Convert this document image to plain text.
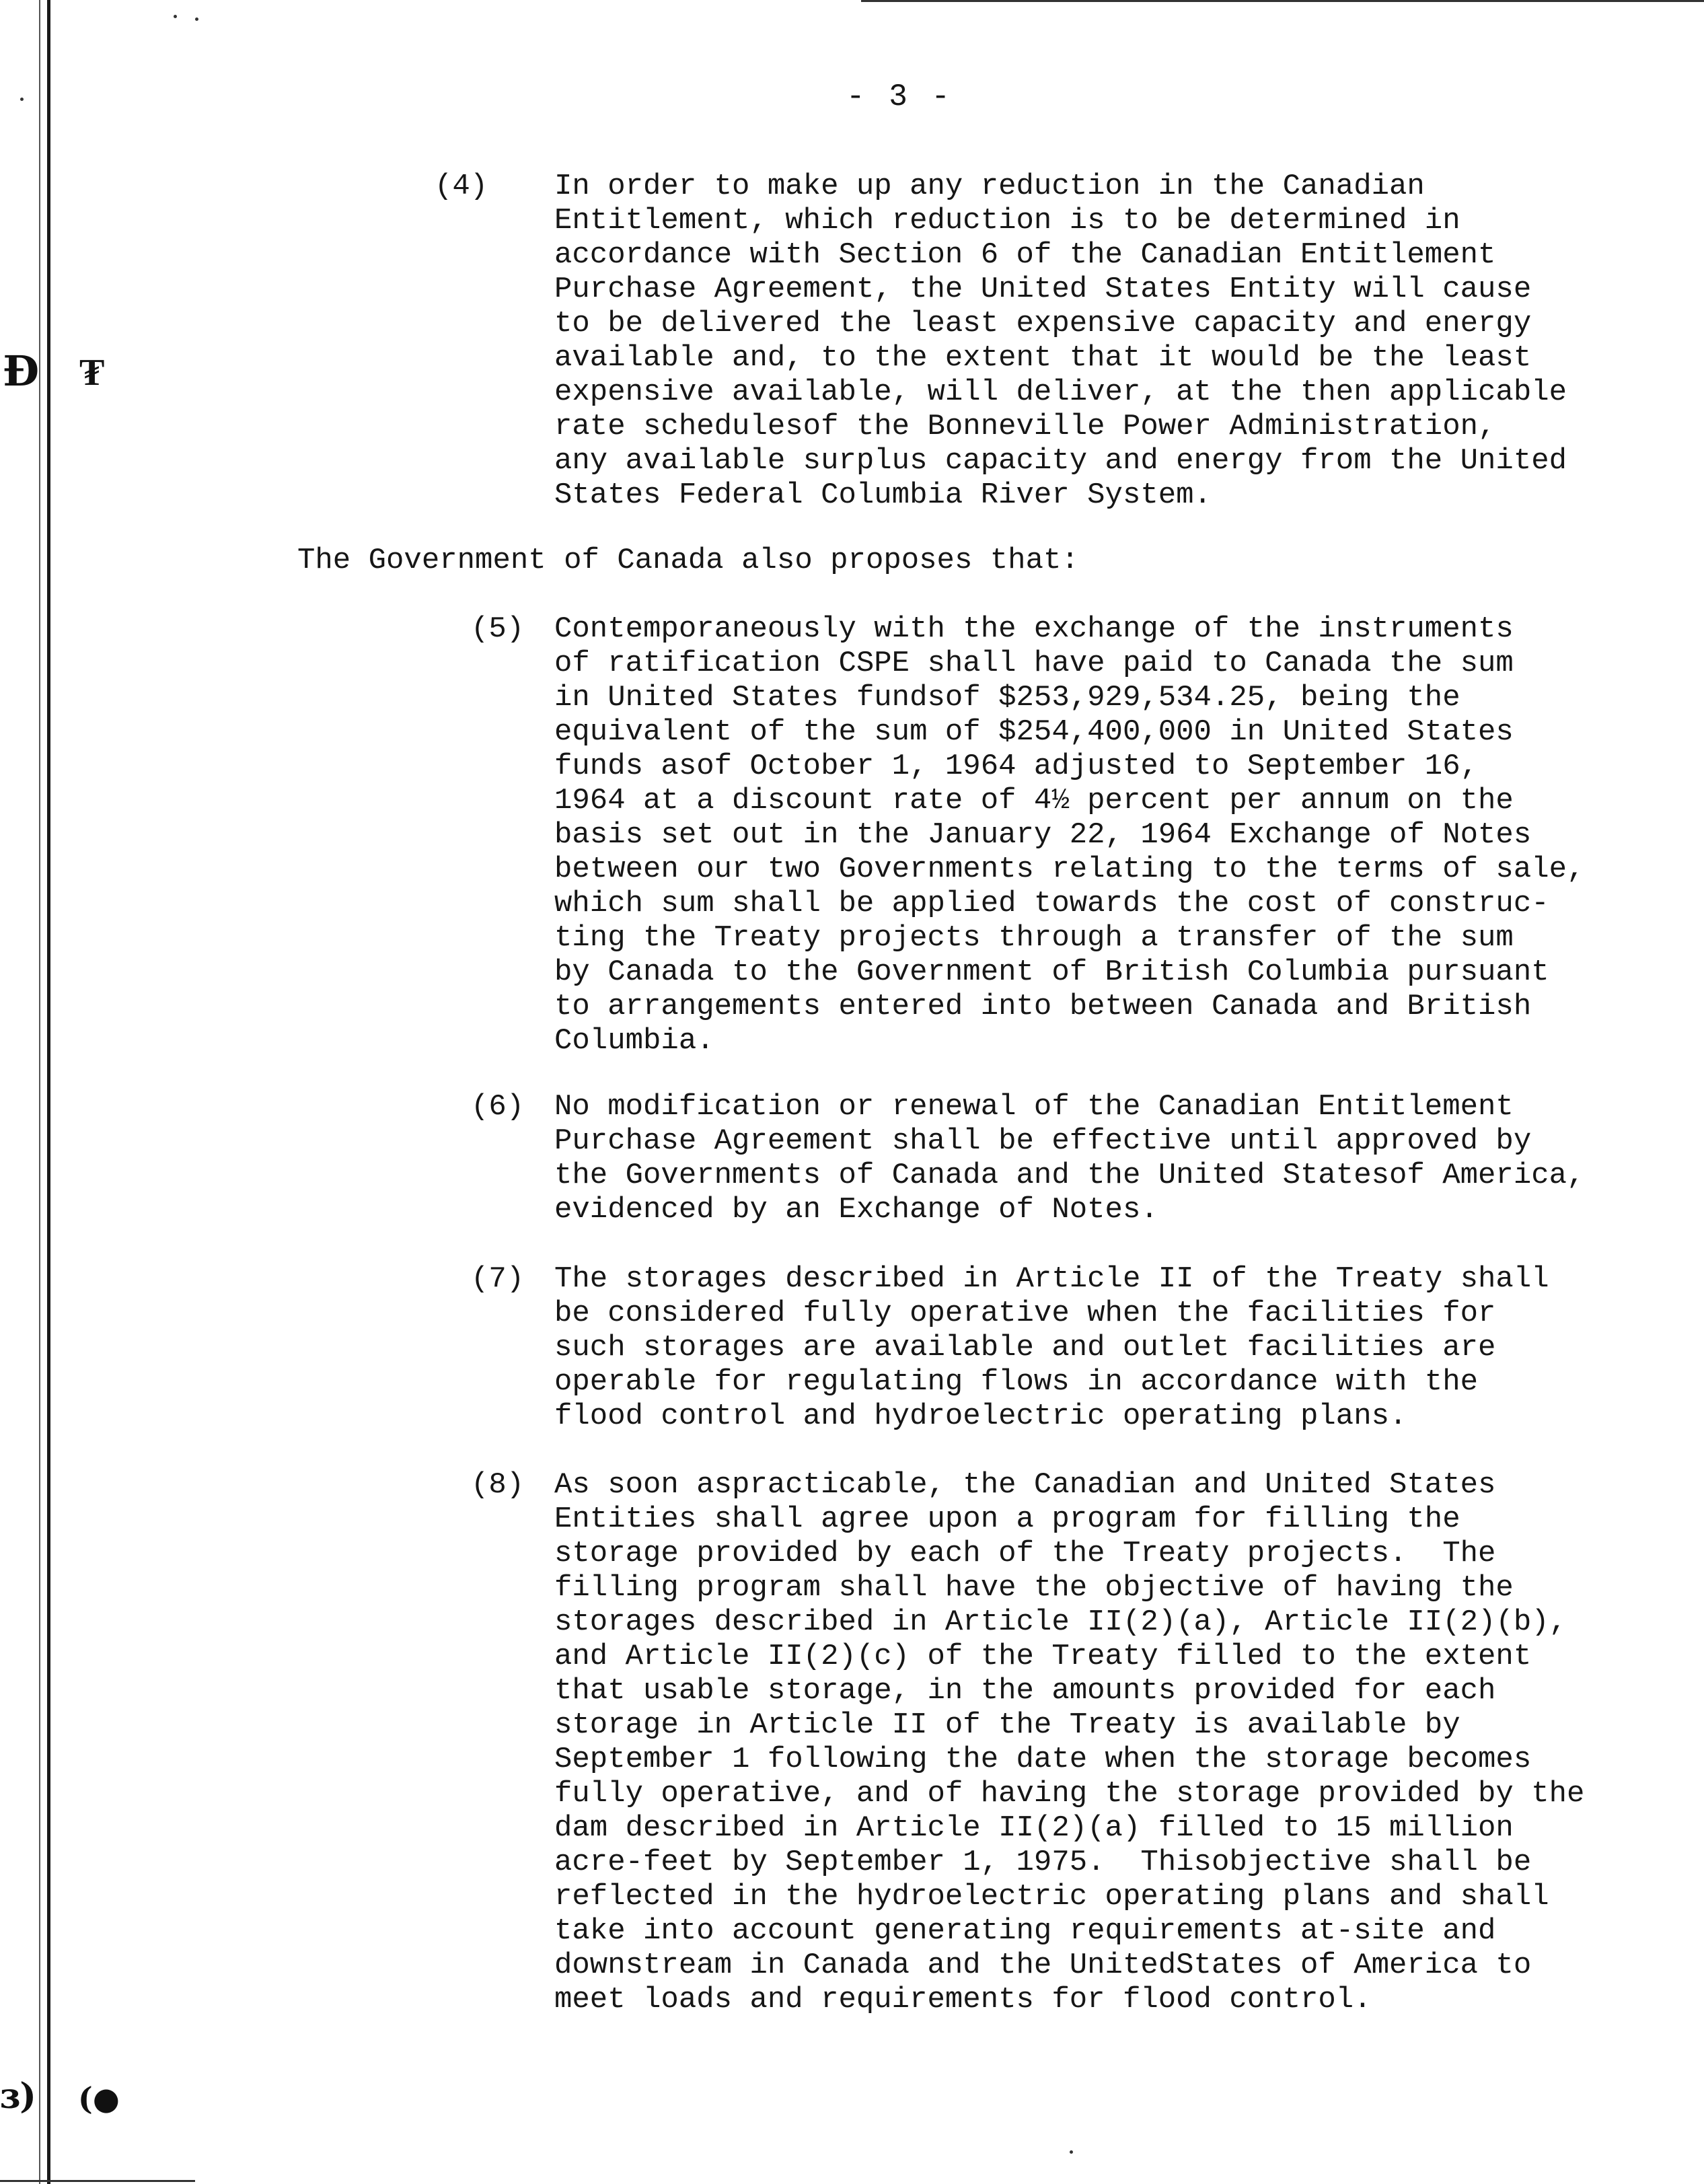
Ð ₮
ɜ) (●
- 3 -
(4) In order to make up any reduction in the Canadian

Entitlement, which reduction is to be determined in

accordance with Section 6 of the Canadian Entitlement

Purchase Agreement, the United States Entity will cause

to be delivered the least expensive capacity and energy

available and, to the extent that it would be the least

expensive available, will deliver, at the then applicable

rate schedulesof the Bonneville Power Administration,

any available surplus capacity and energy from the United

States Federal Columbia River System.

The Government of Canada also proposes that:

(5) Contemporaneously with the exchange of the instruments

of ratification CSPE shall have paid to Canada the sum

in United States fundsof $253,929,534.25, being the

equivalent of the sum of $254,400,000 in United States

funds asof October 1, 1964 adjusted to September 16,

1964 at a discount rate of 4½ percent per annum on the

basis set out in the January 22, 1964 Exchange of Notes

between our two Governments relating to the terms of sale,

which sum shall be applied towards the cost of construc-

ting the Treaty projects through a transfer of the sum

by Canada to the Government of British Columbia pursuant

to arrangements entered into between Canada and British

Columbia.

(6) No modification or renewal of the Canadian Entitlement

Purchase Agreement shall be effective until approved by

the Governments of Canada and the United Statesof America,

evidenced by an Exchange of Notes.

(7) The storages described in Article II of the Treaty shall

be considered fully operative when the facilities for

such storages are available and outlet facilities are

operable for regulating flows in accordance with the

flood control and hydroelectric operating plans.

(8) As soon aspracticable, the Canadian and United States

Entities shall agree upon a program for filling the

storage provided by each of the Treaty projects.  The

filling program shall have the objective of having the

storages described in Article II(2)(a), Article II(2)(b),

and Article II(2)(c) of the Treaty filled to the extent

that usable storage, in the amounts provided for each

storage in Article II of the Treaty is available by

September 1 following the date when the storage becomes

fully operative, and of having the storage provided by the

dam described in Article II(2)(a) filled to 15 million

acre-feet by September 1, 1975.  Thisobjective shall be

reflected in the hydroelectric operating plans and shall

take into account generating requirements at-site and

downstream in Canada and the UnitedStates of America to

meet loads and requirements for flood control.
